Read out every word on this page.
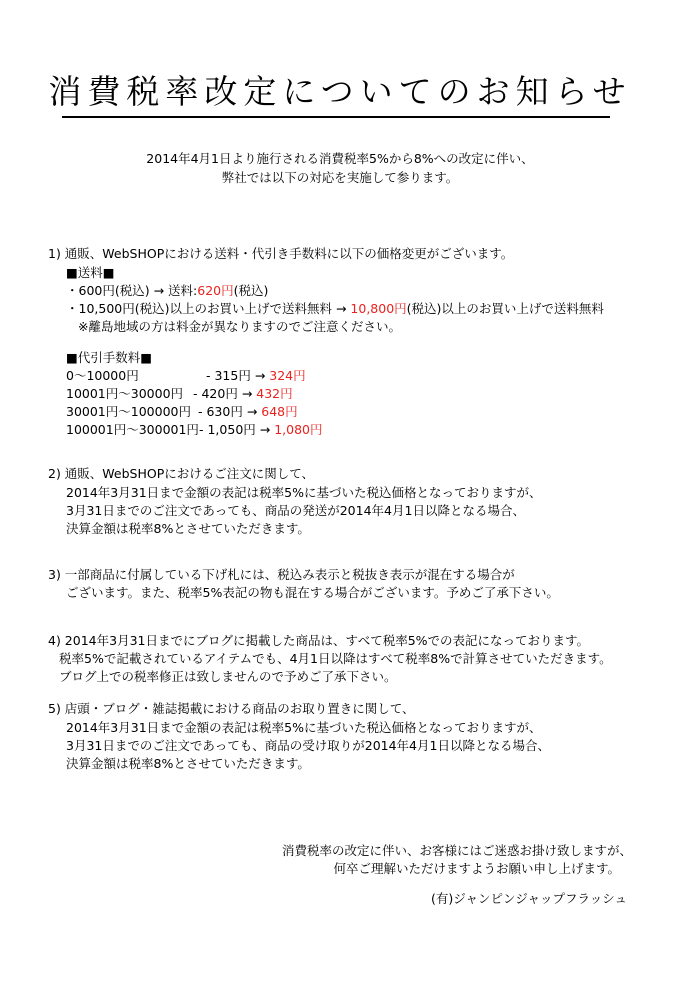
消費税率改定についてのお知らせ
2014年4月1日より施行される消費税率5%から8%への改定に伴い、
弊社では以下の対応を実施して参ります。
1) 通販、WebSHOPにおける送料・代引き手数料に以下の価格変更がございます。
■送料■
・600円(税込) → 送料:620円(税込)
・10,500円(税込)以上のお買い上げで送料無料 → 10,800円(税込)以上のお買い上げで送料無料
※離島地域の方は料金が異なりますのでご注意ください。
■代引手数料■
0～10000円	- 315円 → 324円
10001円～30000円 - 420円 → 432円
30001円～100000円 - 630円 → 648円
100001円～300001円- 1,050円 → 1,080円
2) 通販、WebSHOPにおけるご注文に関して、
2014年3月31日まで金額の表記は税率5%に基づいた税込価格となっておりますが、
3月31日までのご注文であっても、商品の発送が2014年4月1日以降となる場合、
決算金額は税率8%とさせていただきます。
3) 一部商品に付属している下げ札には、税込み表示と税抜き表示が混在する場合が
ございます。また、税率5%表記の物も混在する場合がございます。予めご了承下さい。
4) 2014年3月31日までにブログに掲載した商品は、すべて税率5%での表記になっております。
税率5%で記載されているアイテムでも、4月1日以降はすべて税率8%で計算させていただきます。
ブログ上での税率修正は致しませんので予めご了承下さい。
5) 店頭・ブログ・雑誌掲載における商品のお取り置きに関して、
2014年3月31日まで金額の表記は税率5%に基づいた税込価格となっておりますが、
3月31日までのご注文であっても、商品の受け取りが2014年4月1日以降となる場合、
決算金額は税率8%とさせていただきます。
消費税率の改定に伴い、お客様にはご迷惑お掛け致しますが、
何卒ご理解いただけますようお願い申し上げます。
(有)ジャンピンジャップフラッシュ
